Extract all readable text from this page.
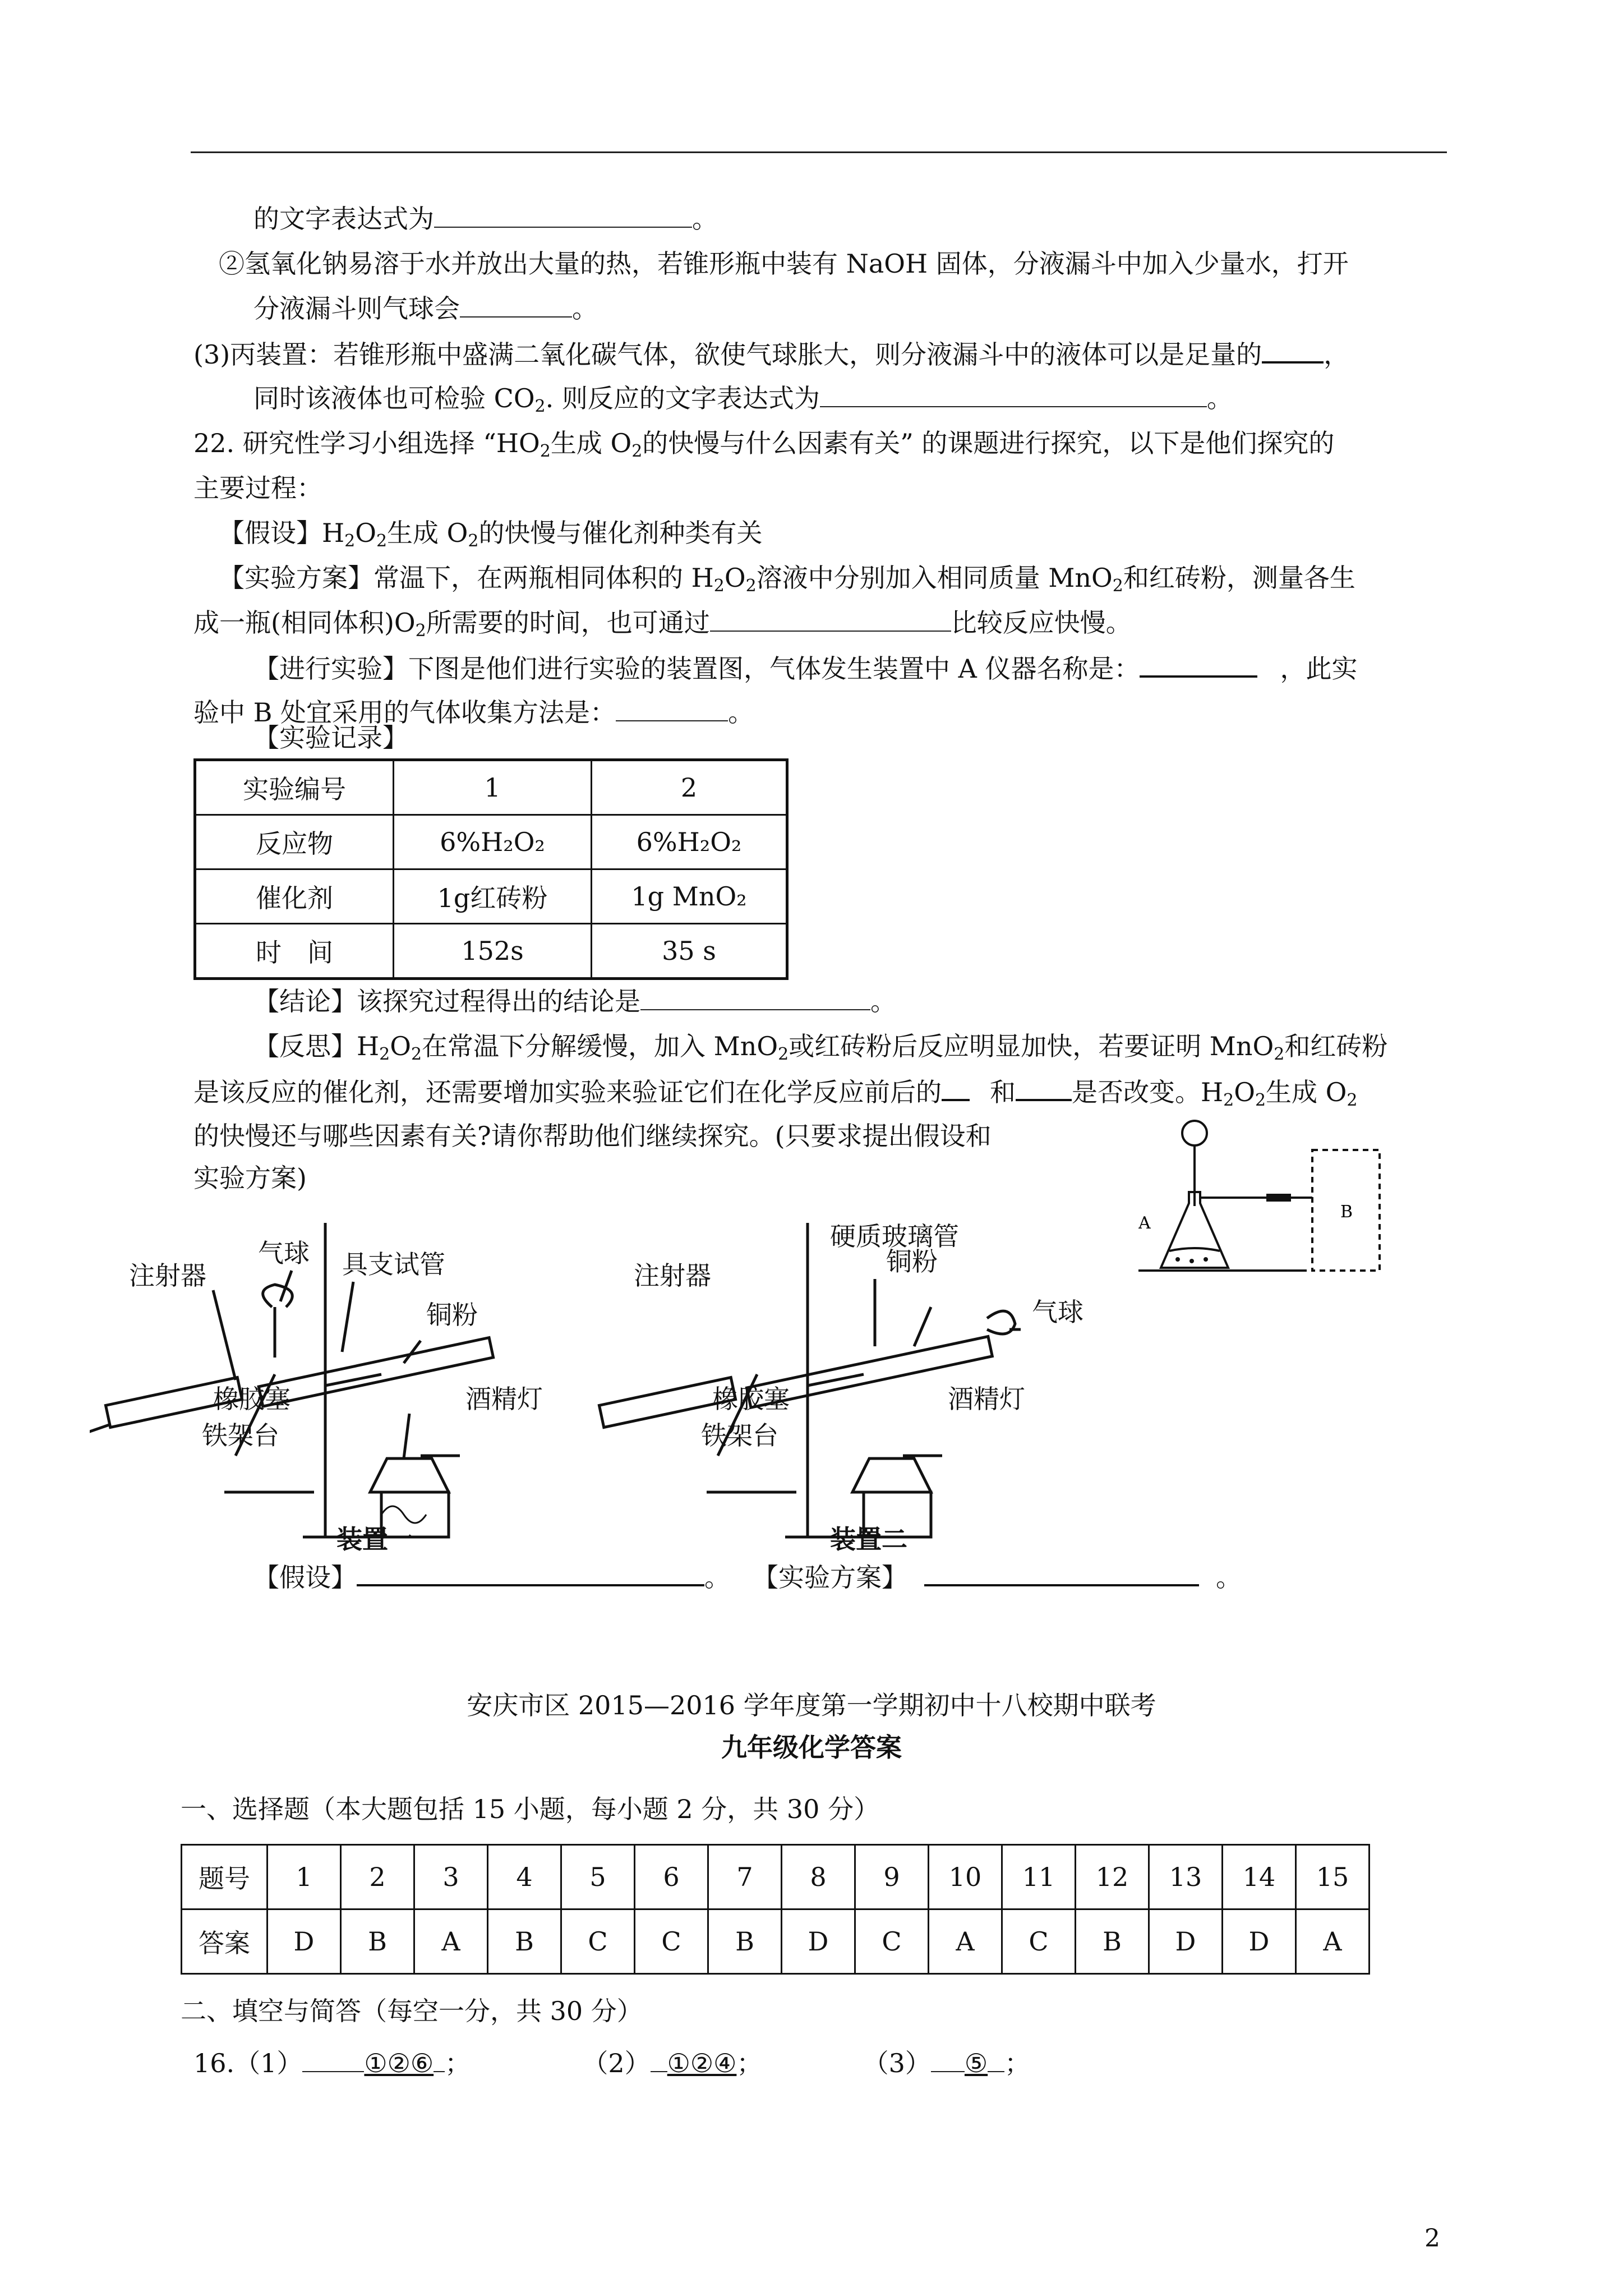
的文字表达式为	。
②氢氧化钠易溶于水并放出大量的热，若锥形瓶中装有 NaOH 固体，分液漏斗中加入少量水，打开
分液漏斗则气球会	。
(3)丙装置：若锥形瓶中盛满二氧化碳气体，欲使气球胀大，则分液漏斗中的液体可以是足量的 ，
同时该液体也可检验 $CO_2$. 则反应的文字表达式为	。
22. 研究性学习小组选择 “$HO_2$生成 $O_2$的快慢与什么因素有关” 的课题进行探究，以下是他们探究的
主要过程：
【假设】$H_2O_2$生成 $O_2$的快慢与催化剂种类有关
【实验方案】常温下，在两瓶相同体积的 $H_2O_2$溶液中分别加入相同质量 MnO$_2$和红砖粉，测量各生
成一瓶(相同体积)$O_2$所需要的时间，也可通过	比较反应快慢。
【进行实验】下图是他们进行实验的装置图，气体发生装置中 A 仪器名称是：	，此实
验中 B 处宜采用的气体收集方法是：	。
【实验记录】
实验编号	1	2
反应物	6%H₂O₂	6%H₂O₂
催化剂	1g红砖粉	1g MnO₂
时　间	152s	35 s
【结论】该探究过程得出的结论是	。
【反思】$H_2O_2$在常温下分解缓慢，加入 MnO$_2$或红砖粉后反应明显加快，若要证明 MnO$_2$和红砖粉
是该反应的催化剂，还需要增加实验来验证它们在化学反应前后的 和 是否改变。$H_2O_2$生成 $O_2$
的快慢还与哪些因素有关?请你帮助他们继续探究。(只要求提出假设和
实验方案)
A
B
气球 具支试管
注射器
铜粉
橡胶塞	酒精灯
铁架台
装置一
硬质玻璃管
注射器	铜粉
气球
橡胶塞	酒精灯
铁架台
装置二
【假设】	。 【实验方案】	。
安庆市区 2015—2016 学年度第一学期初中十八校期中联考
九年级化学答案
一、选择题（本大题包括 15 小题，每小题 2 分，共 30 分）
题号	1	2	3	4	5	6	7	8	9	10	11	12	13	14	15
答案	D	B	A	B	C	C	B	D	C	A	C	B	D	D	A
二、填空与简答（每空一分，共 30 分）
16.（1） ①②⑥ ；	（2） ①②④；	（3） ⑤ ；
2
